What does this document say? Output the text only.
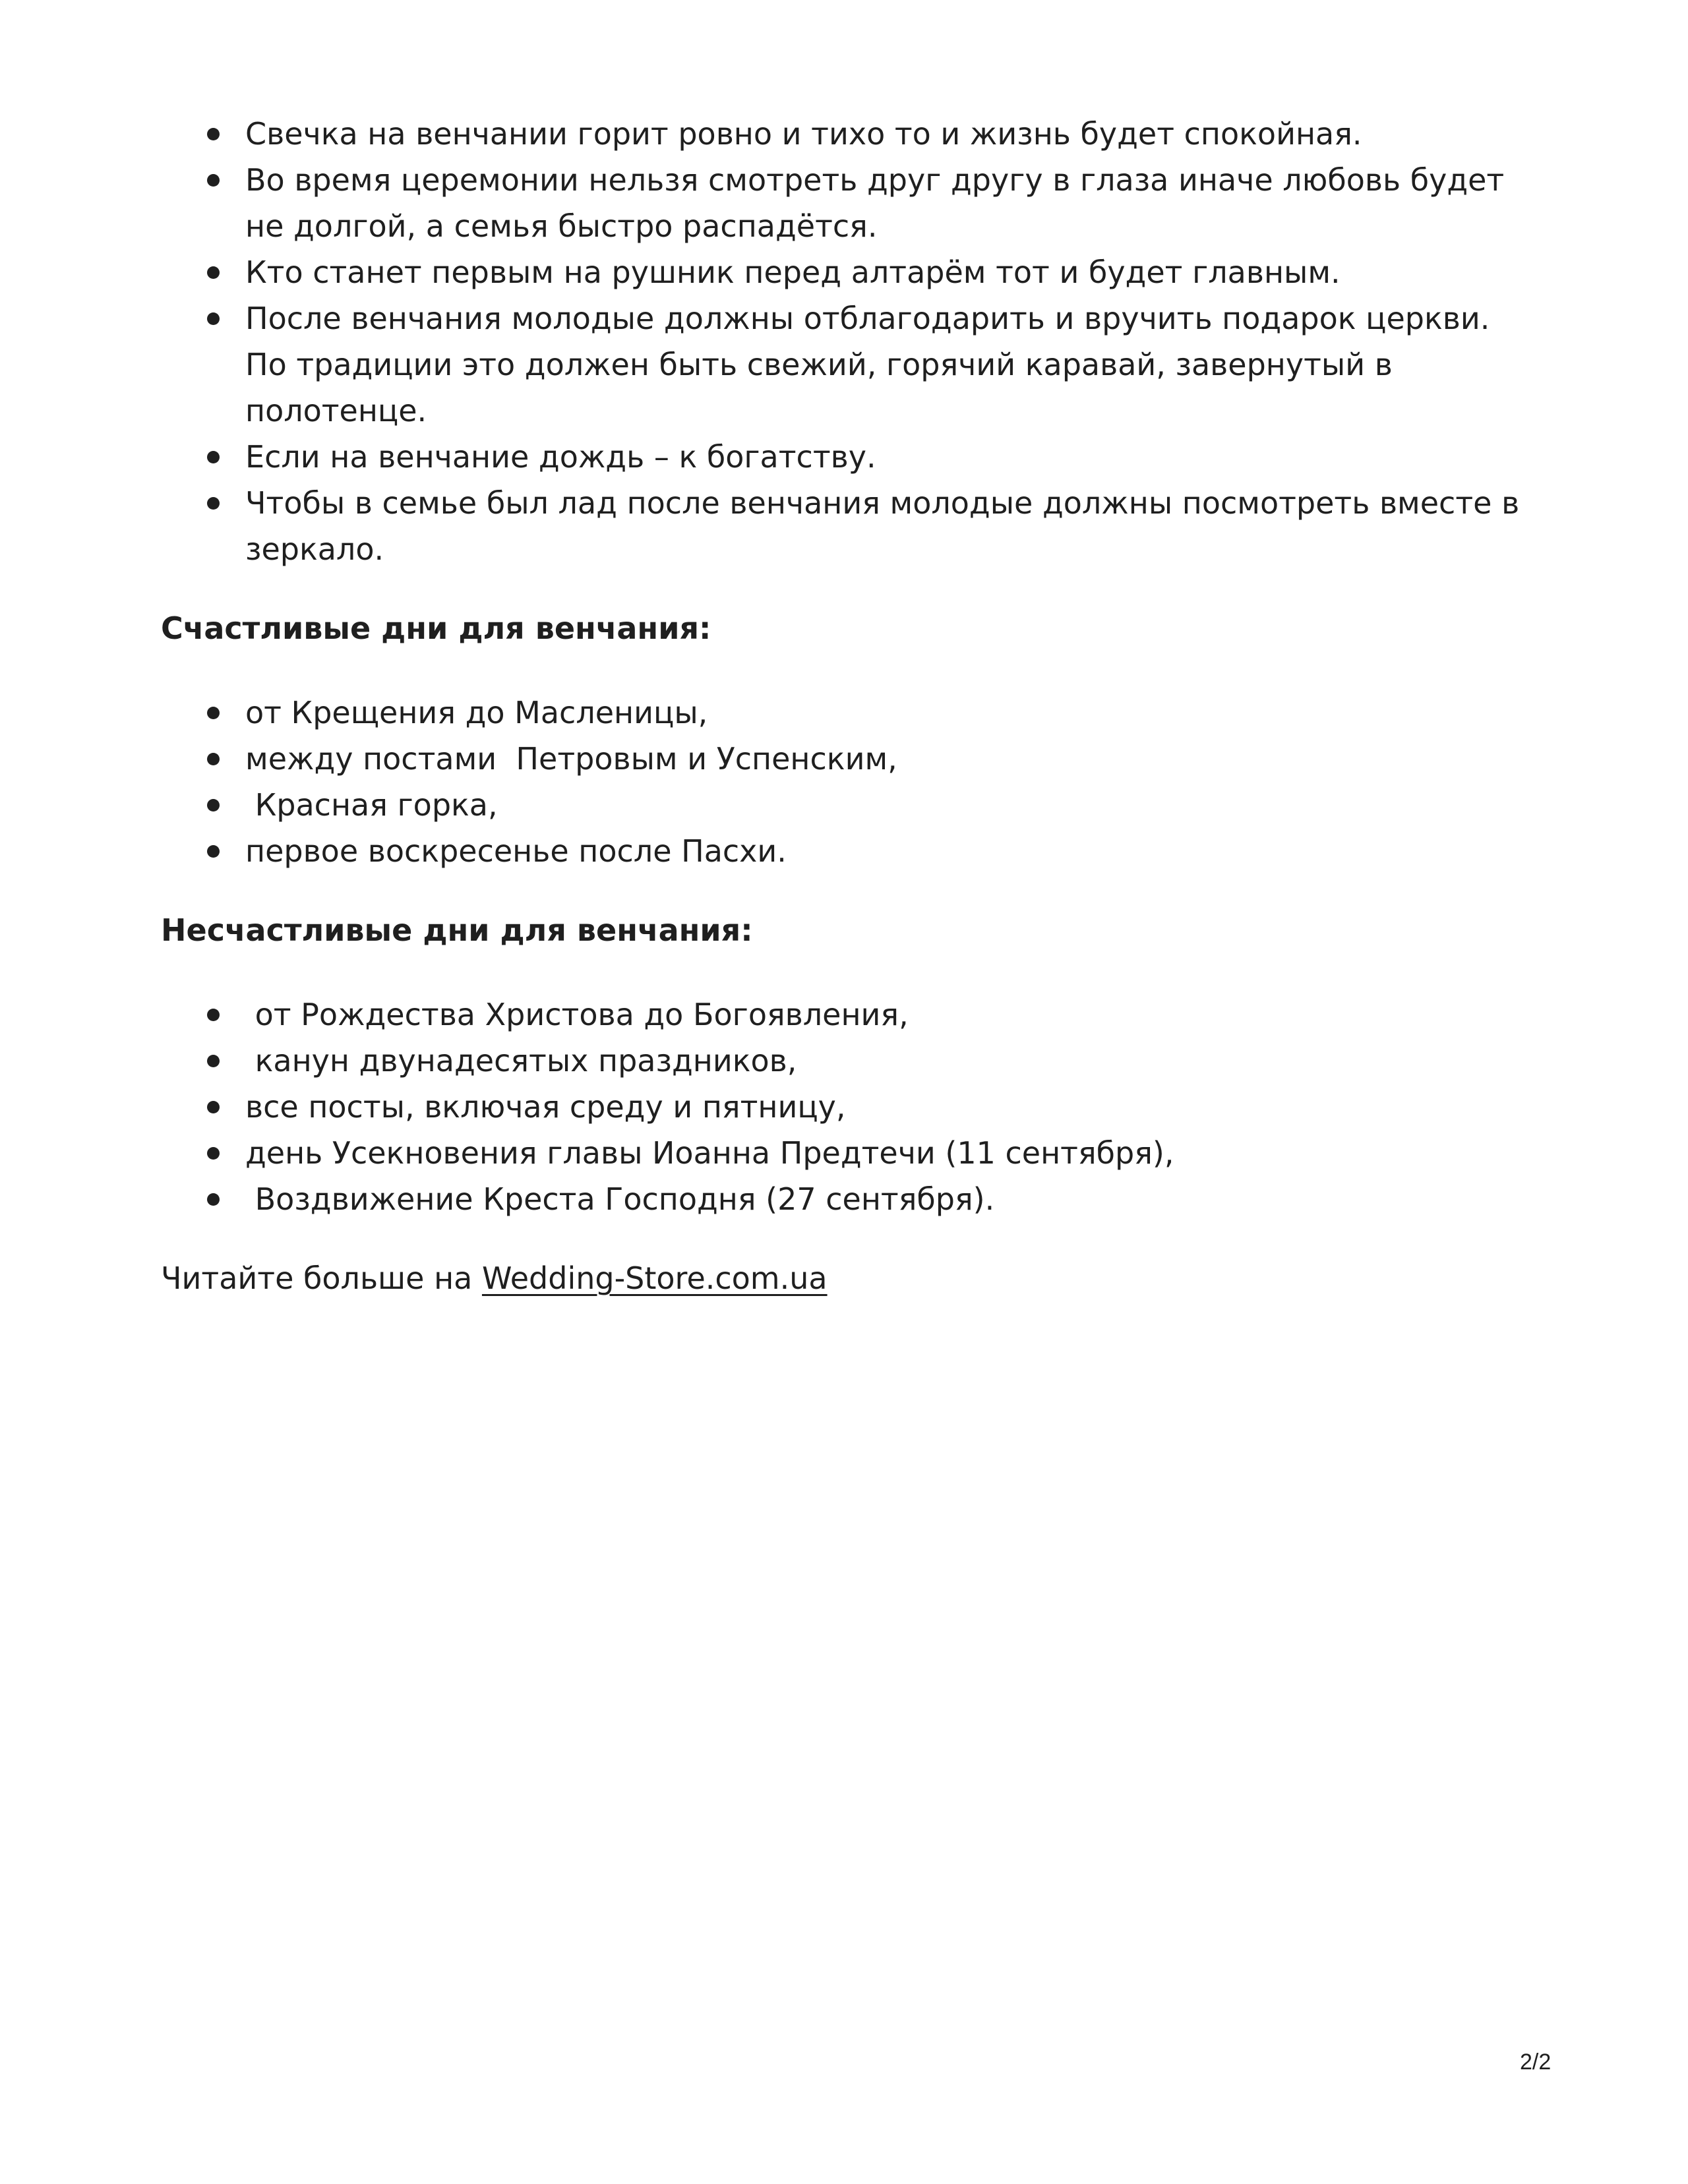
Свечка на венчании горит ровно и тихо то и жизнь будет спокойная.
Во время церемонии нельзя смотреть друг другу в глаза иначе любовь будет не долгой, а семья быстро распадётся.
Кто станет первым на рушник перед алтарём тот и будет главным.
После венчания молодые должны отблагодарить и вручить подарок церкви. По традиции это должен быть свежий, горячий каравай, завернутый в полотенце.
Если на венчание дождь – к богатству.
Чтобы в семье был лад после венчания молодые должны посмотреть вместе в зеркало.

Счастливые дни для венчания:

от Крещения до Масленицы,
между постами  Петровым и Успенским,
Красная горка,
первое воскресенье после Пасхи.

Несчастливые дни для венчания:

от Рождества Христова до Богоявления,
канун двунадесятых праздников,
все посты, включая среду и пятницу,
день Усекновения главы Иоанна Предтечи (11 сентября),
Воздвижение Креста Господня (27 сентября).

Читайте больше на Wedding-Store.com.ua

2/2
